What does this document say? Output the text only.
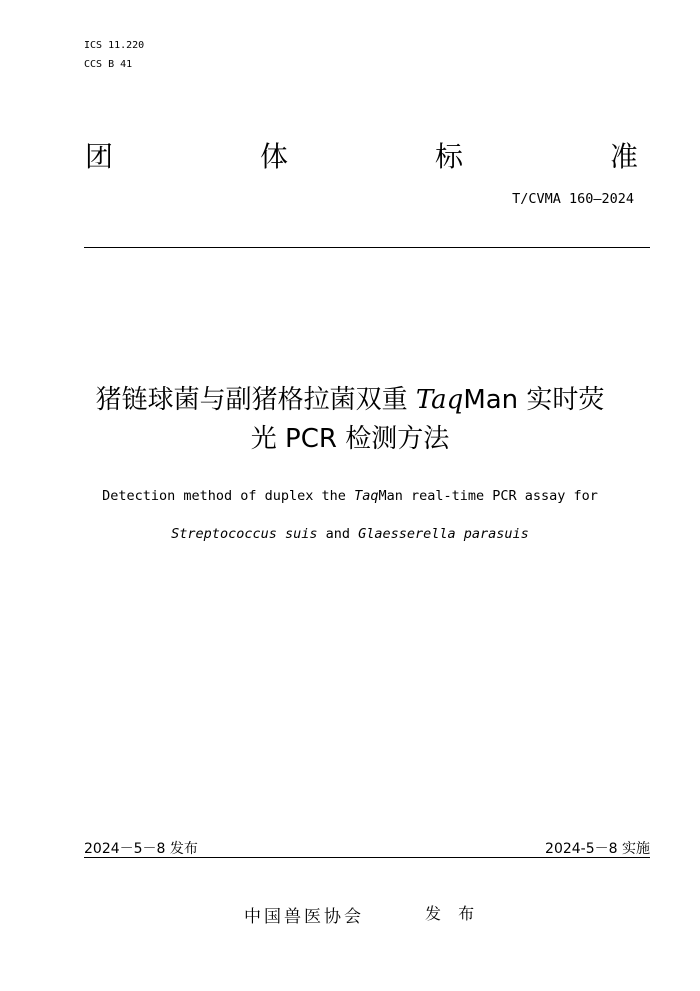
ICS 11.220
CCS B 41
团	体	标	准
T/CVMA 160—2024
猪链球菌与副猪格拉菌双重 TaqMan 实时荧
光 PCR 检测方法
Detection method of duplex the TaqMan real-time PCR assay for
Streptococcus suis and Glaesserella parasuis
2024－5－8 发布	2024-5－8 实施
中国兽医协会	发 布
